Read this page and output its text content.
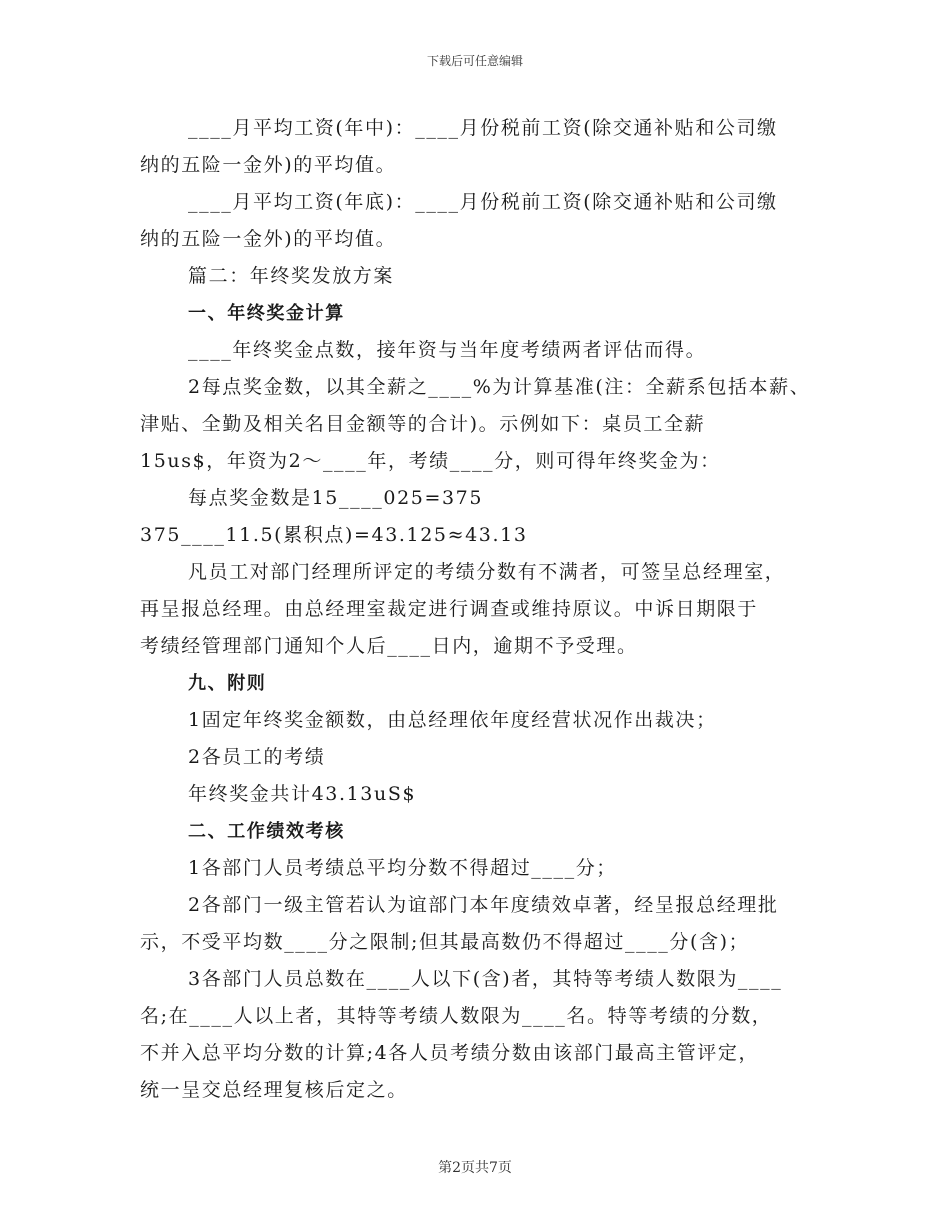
下载后可任意编辑
____月平均工资(年中)：____月份税前工资(除交通补贴和公司缴
纳的五险一金外)的平均值。
____月平均工资(年底)：____月份税前工资(除交通补贴和公司缴
纳的五险一金外)的平均值。
篇二：年终奖发放方案
一、年终奖金计算
____年终奖金点数，接年资与当年度考绩两者评估而得。
2每点奖金数，以其全薪之____%为计算基准(注：全薪系包括本薪、
津贴、全勤及相关名目金额等的合计)。示例如下：桌员工全薪
15us$，年资为2～____年，考绩____分，则可得年终奖金为：
每点奖金数是15____025=375
375____11.5(累积点)=43.125≈43.13
凡员工对部门经理所评定的考绩分数有不满者，可签呈总经理室，
再呈报总经理。由总经理室裁定进行调查或维持原议。中诉日期限于
考绩经管理部门通知个人后____日内，逾期不予受理。
九、附则
1固定年终奖金额数，由总经理依年度经营状况作出裁决；
2各员工的考绩
年终奖金共计43.13uS$
二、工作绩效考核
1各部门人员考绩总平均分数不得超过____分；
2各部门一级主管若认为谊部门本年度绩效卓著，经呈报总经理批
示，不受平均数____分之限制;但其最高数仍不得超过____分(含)；
3各部门人员总数在____人以下(含)者，其特等考绩人数限为____
名;在____人以上者，其特等考绩人数限为____名。特等考绩的分数，
不并入总平均分数的计算;4各人员考绩分数由该部门最高主管评定，
统一呈交总经理复核后定之。
第2页共7页
